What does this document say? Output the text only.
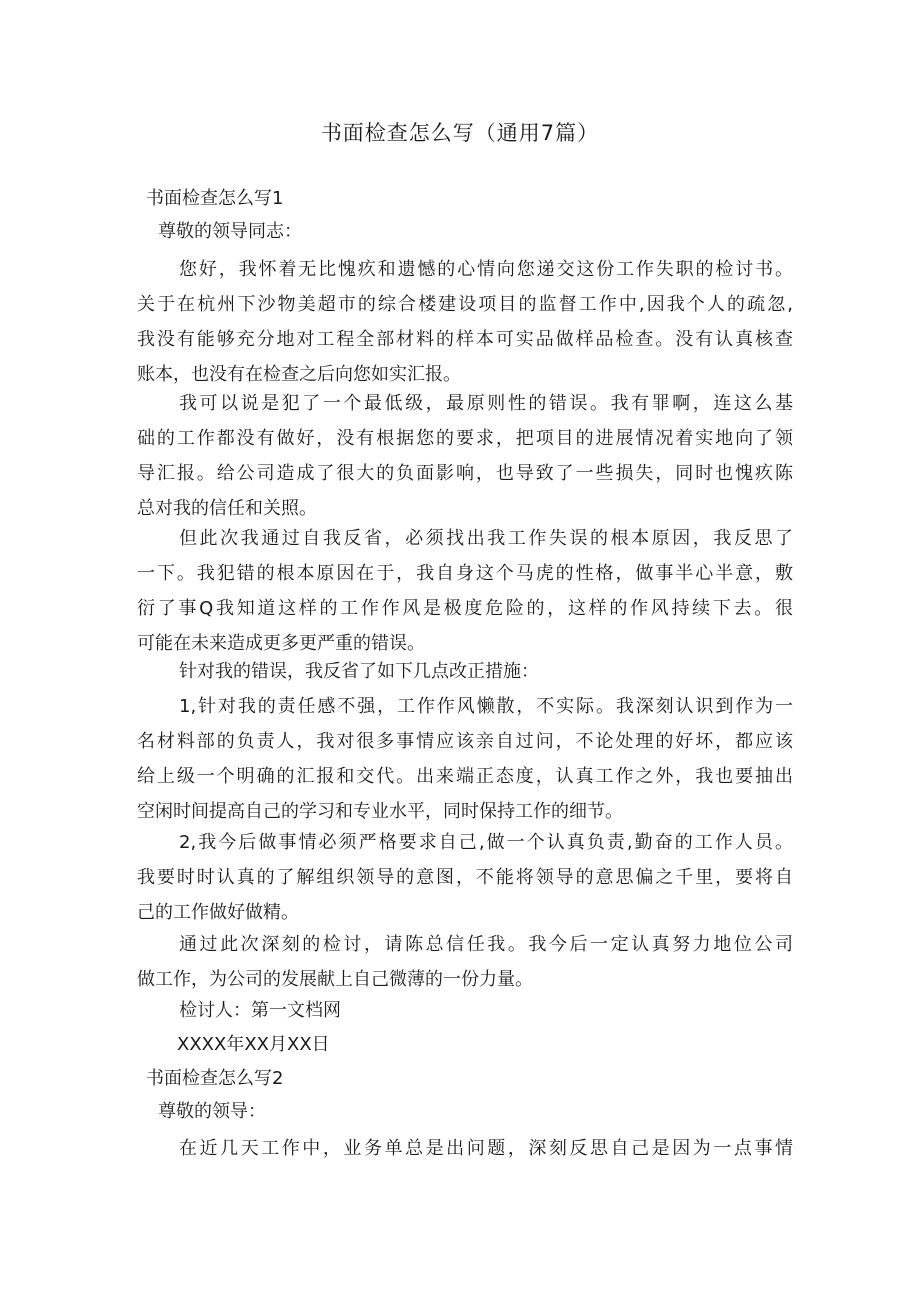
书面检查怎么写（通用7篇）
书面检查怎么写1
尊敬的领导同志：
您好，我怀着无比愧疚和遗憾的心情向您递交这份工作失职的检讨书。
关于在杭州下沙物美超市的综合楼建设项目的监督工作中,因我个人的疏忽,
我没有能够充分地对工程全部材料的样本可实品做样品检查。没有认真核查
账本，也没有在检查之后向您如实汇报。
我可以说是犯了一个最低级，最原则性的错误。我有罪啊，连这么基
础的工作都没有做好，没有根据您的要求，把项目的进展情况着实地向了领
导汇报。给公司造成了很大的负面影响，也导致了一些损失，同时也愧疚陈
总对我的信任和关照。
但此次我通过自我反省，必须找出我工作失误的根本原因，我反思了
一下。我犯错的根本原因在于，我自身这个马虎的性格，做事半心半意，敷
衍了事Q我知道这样的工作作风是极度危险的，这样的作风持续下去。很
可能在未来造成更多更严重的错误。
针对我的错误，我反省了如下几点改正措施：
1,针对我的责任感不强，工作作风懒散，不实际。我深刻认识到作为一
名材料部的负责人，我对很多事情应该亲自过问，不论处理的好坏，都应该
给上级一个明确的汇报和交代。出来端正态度，认真工作之外，我也要抽出
空闲时间提高自己的学习和专业水平，同时保持工作的细节。
2,我今后做事情必须严格要求自己,做一个认真负责,勤奋的工作人员。
我要时时认真的了解组织领导的意图，不能将领导的意思偏之千里，要将自
己的工作做好做精。
通过此次深刻的检讨，请陈总信任我。我今后一定认真努力地位公司
做工作，为公司的发展献上自己微薄的一份力量。
检讨人：第一文档网
XXXX年XX月XX日
书面检查怎么写2
尊敬的领导：
在近几天工作中，业务单总是出问题，深刻反思自己是因为一点事情
